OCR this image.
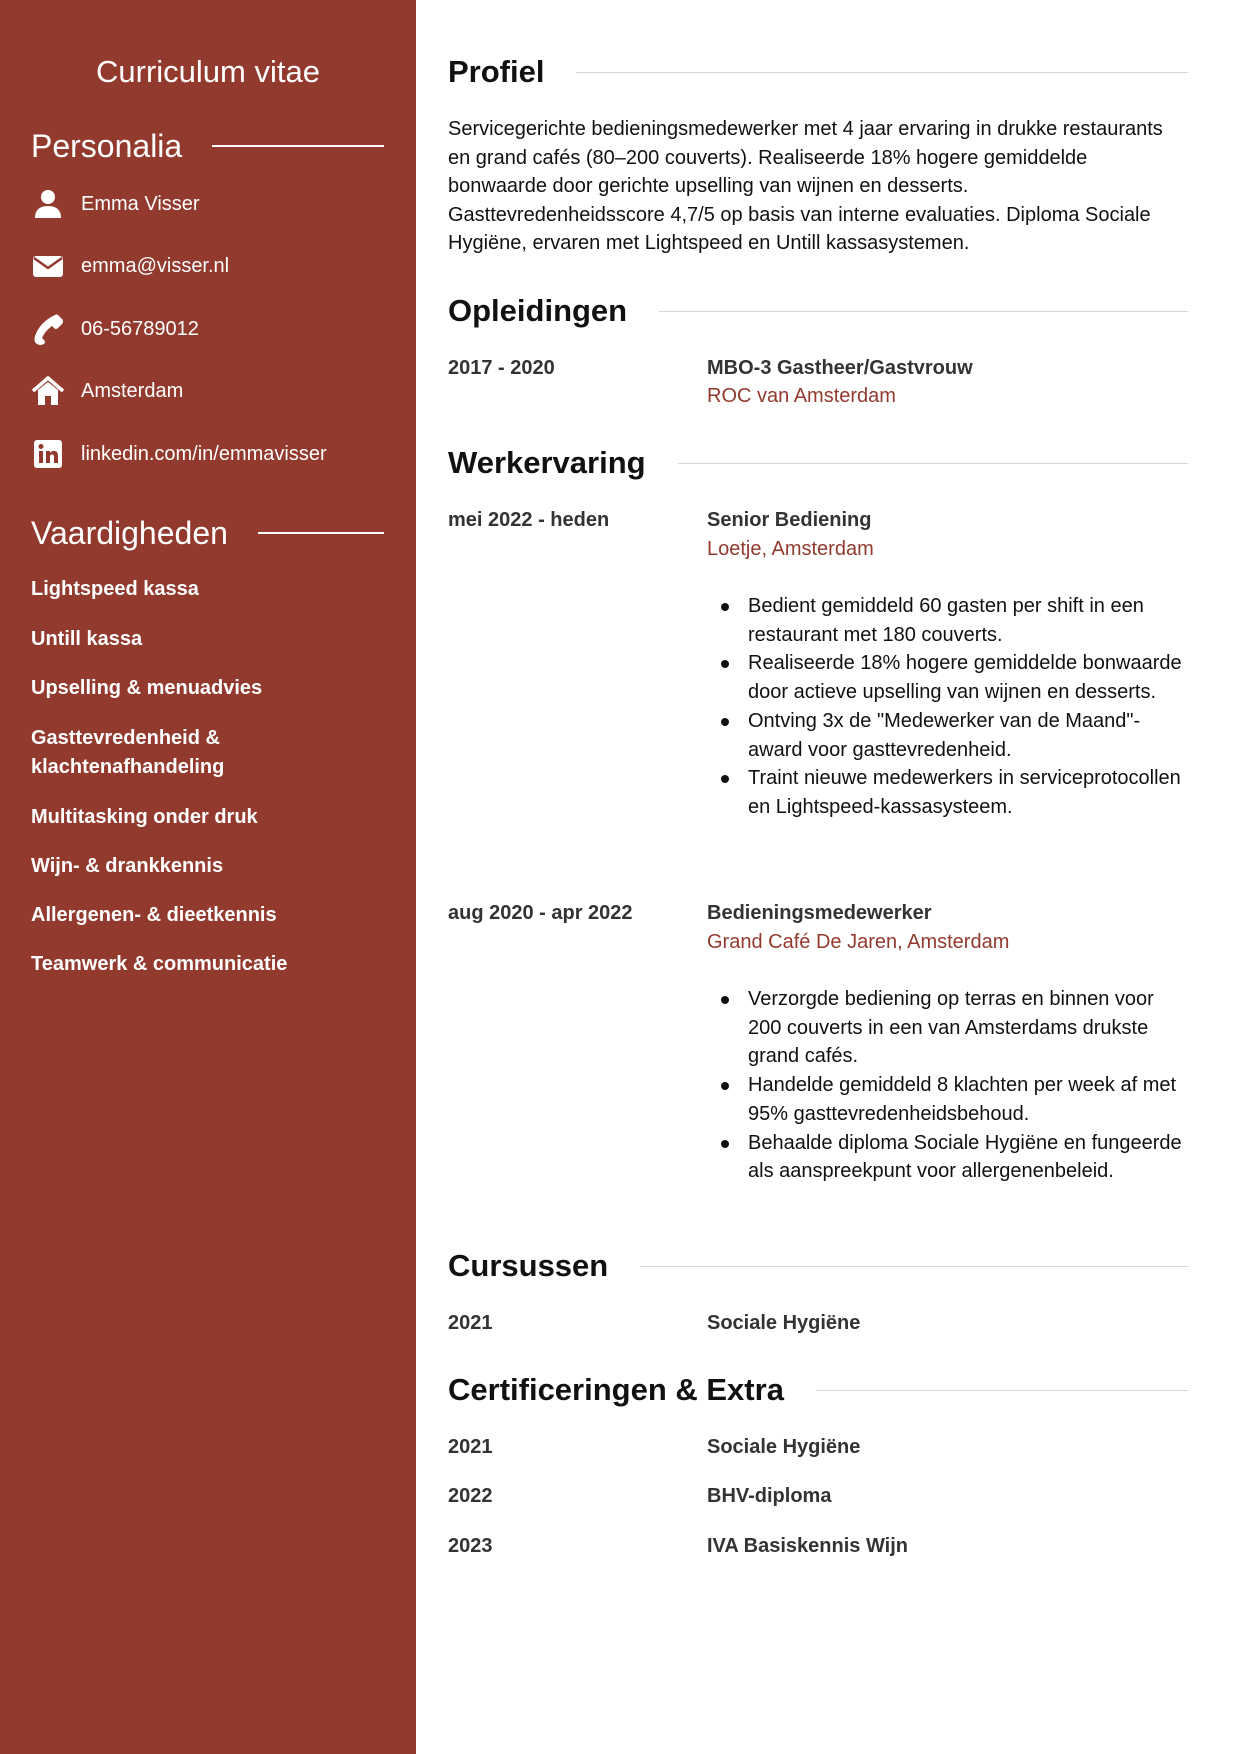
Curriculum vitae
Personalia
Emma Visser
emma@visser.nl
06-56789012
Amsterdam
linkedin.com/in/emmavisser
Vaardigheden
Lightspeed kassa
Untill kassa
Upselling & menuadvies
Gasttevredenheid & klachtenafhandeling
Multitasking onder druk
Wijn- & drankkennis
Allergenen- & dieetkennis
Teamwerk & communicatie
Profiel
Servicegerichte bedieningsmedewerker met 4 jaar ervaring in drukke restaurants en grand cafés (80–200 couverts). Realiseerde 18% hogere gemiddelde bonwaarde door gerichte upselling van wijnen en desserts. Gasttevredenheidsscore 4,7/5 op basis van interne evaluaties. Diploma Sociale Hygiëne, ervaren met Lightspeed en Untill kassasystemen.
Opleidingen
2017 - 2020	MBO-3 Gastheer/Gastvrouw
ROC van Amsterdam
Werkervaring
mei 2022 - heden	Senior Bediening
Loetje, Amsterdam
Bedient gemiddeld 60 gasten per shift in een restaurant met 180 couverts.
Realiseerde 18% hogere gemiddelde bonwaarde door actieve upselling van wijnen en desserts.
Ontving 3x de "Medewerker van de Maand"-award voor gasttevredenheid.
Traint nieuwe medewerkers in serviceprotocollen en Lightspeed-kassasysteem.
aug 2020 - apr 2022	Bedieningsmedewerker
Grand Café De Jaren, Amsterdam
Verzorgde bediening op terras en binnen voor 200 couverts in een van Amsterdams drukste grand cafés.
Handelde gemiddeld 8 klachten per week af met 95% gasttevredenheidsbehoud.
Behaalde diploma Sociale Hygiëne en fungeerde als aanspreekpunt voor allergenenbeleid.
Cursussen
2021	Sociale Hygiëne
Certificeringen & Extra
2021	Sociale Hygiëne
2022	BHV-diploma
2023	IVA Basiskennis Wijn
